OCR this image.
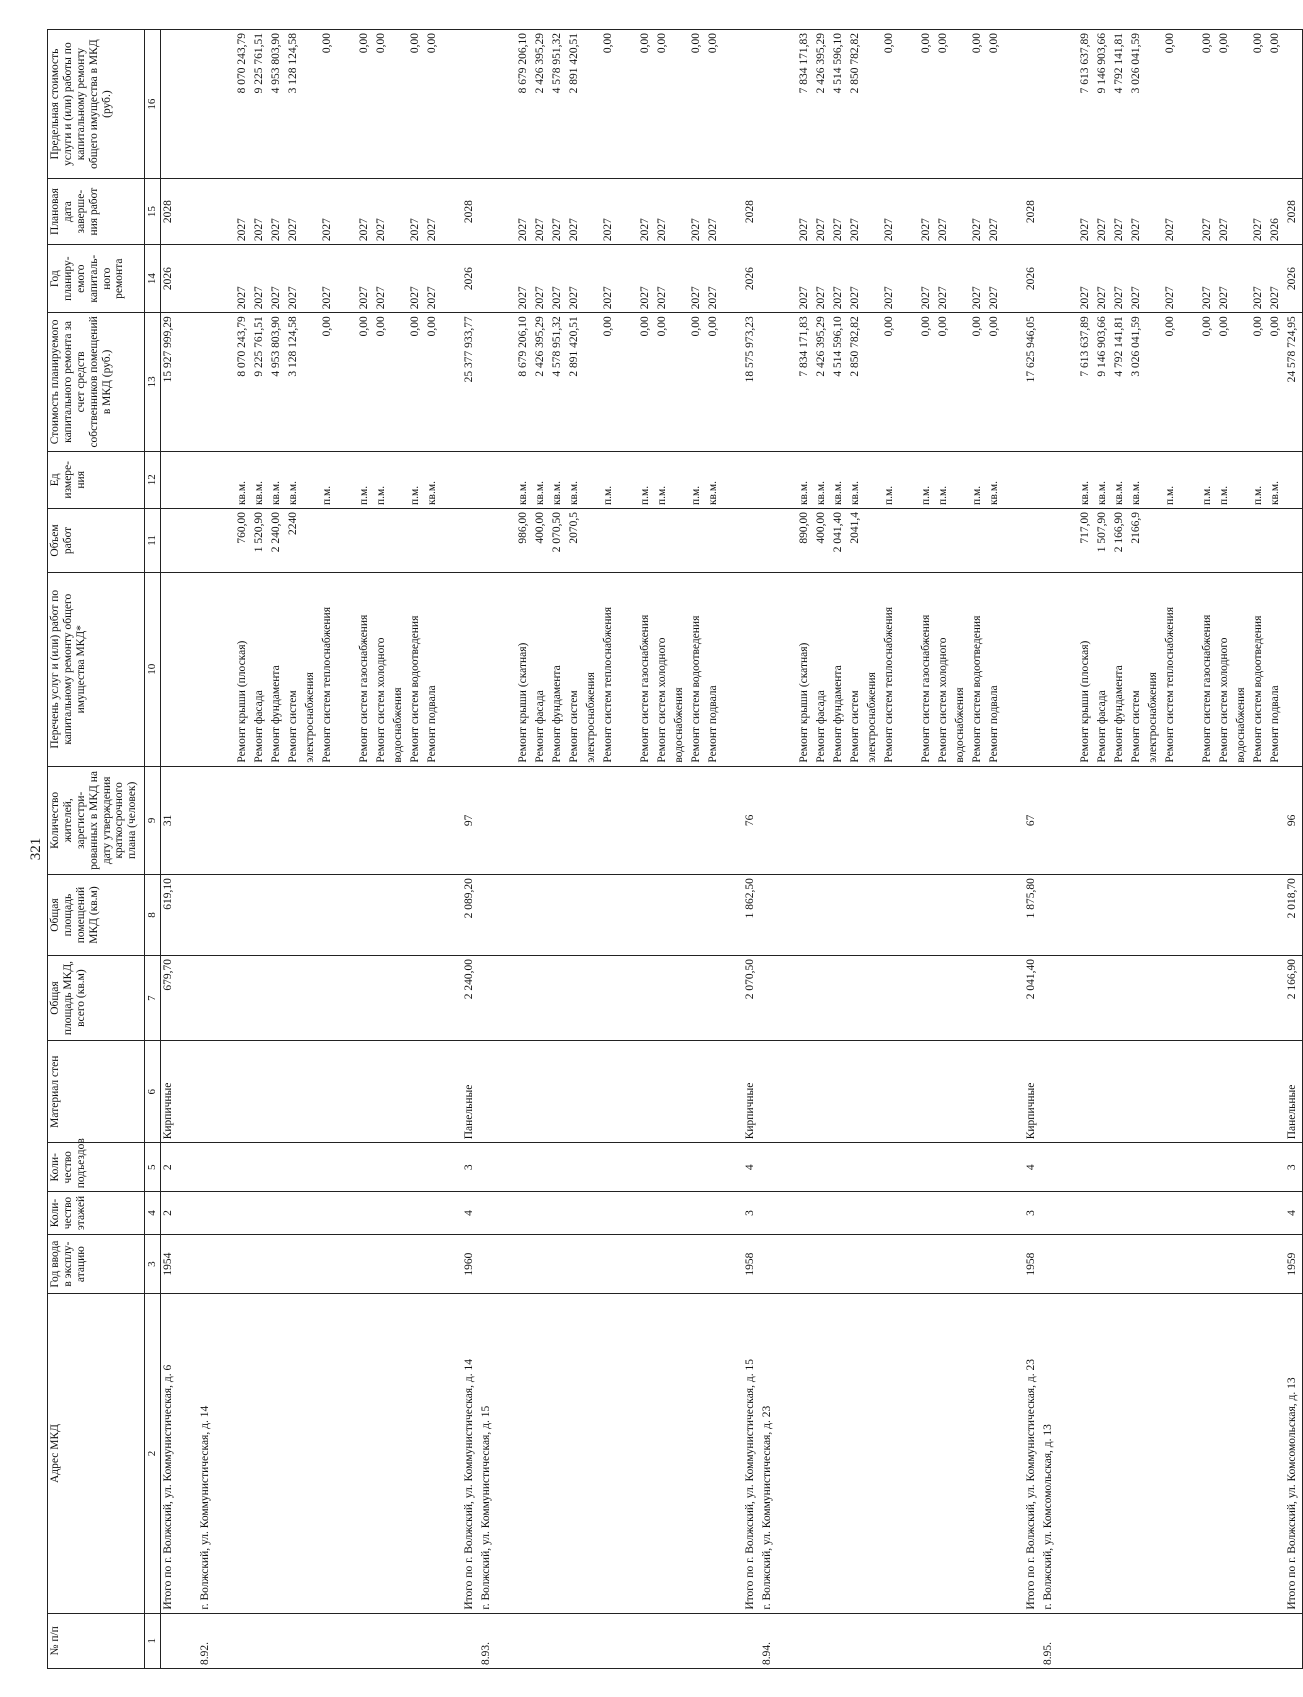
321
№ п/п	Адрес МКД	Год ввода в эксплу-атацию	Коли-чество этажей	Коли-чество подъездов	Материал стен	Общая площадь МКД, всего (кв.м)	Общая площадь помещений МКД (кв.м)	Количество жителей, зарегистри-рованных в МКД на дату утверждения краткосрочного плана (человек)	Перечень услуг и (или) работ по капитальному ремонту общего имущества МКД*	Объем работ	Ед измере-ния	Стоимость планируемого капитального ремонта за счет средств собственников помещений в МКД (руб.)	Год планиру-емого капиталь-ного ремонта	Плановая дата заверше-ния работ	Предельная стоимость услуги и (или) работы по капитальному ремонту общего имущества в МКД (руб.)
1	2	3	4	5	6	7	8	9	10	11	12	13	14	15	16
	Итого по г. Волжский, ул. Коммунистическая, д. 6	1954	2	2	Кирпичные	679,70	619,10	31				15 927 999,29	2026	2028	

8.92.	г. Волжский, ул. Коммунистическая, д. 14														

									Ремонт крыши (плоская)	760,00	кв.м.	8 070 243,79	2027	2027	8 070 243,79
									Ремонт фасада	1 520,90	кв.м.	9 225 761,51	2027	2027	9 225 761,51
									Ремонт фундамента	2 240,00	кв.м.	4 953 803,90	2027	2027	4 953 803,90
									Ремонт систем	2240	кв.м.	3 128 124,58	2027	2027	3 128 124,58
									электроснабжения						
									Ремонт систем теплоснабжения		п.м.	0,00	2027	2027	0,00

									Ремонт систем газоснабжения		п.м.	0,00	2027	2027	0,00
									Ремонт систем холодного		п.м.	0,00	2027	2027	0,00
									водоснабжения						
									Ремонт систем водоотведения		п.м.	0,00	2027	2027	0,00
									Ремонт подвала		кв.м.	0,00	2027	2027	0,00

	Итого по г. Волжский, ул. Коммунистическая, д. 14	1960	4	3	Панельные	2 240,00	2 089,20	97				25 377 933,77	2026	2028	
8.93.	г. Волжский, ул. Коммунистическая, д. 15														

									Ремонт крыши (скатная)	986,00	кв.м.	8 679 206,10	2027	2027	8 679 206,10
									Ремонт фасада	400,00	кв.м.	2 426 395,29	2027	2027	2 426 395,29
									Ремонт фундамента	2 070,50	кв.м.	4 578 951,32	2027	2027	4 578 951,32
									Ремонт систем	2070,5	кв.м.	2 891 420,51	2027	2027	2 891 420,51
									электроснабжения						
									Ремонт систем теплоснабжения		п.м.	0,00	2027	2027	0,00

									Ремонт систем газоснабжения		п.м.	0,00	2027	2027	0,00
									Ремонт систем холодного		п.м.	0,00	2027	2027	0,00
									водоснабжения						
									Ремонт систем водоотведения		п.м.	0,00	2027	2027	0,00
									Ремонт подвала		кв.м.	0,00	2027	2027	0,00

	Итого по г. Волжский, ул. Коммунистическая, д. 15	1958	3	4	Кирпичные	2 070,50	1 862,50	76				18 575 973,23	2026	2028	
8.94.	г. Волжский, ул. Коммунистическая, д. 23														

									Ремонт крыши (скатная)	890,00	кв.м.	7 834 171,83	2027	2027	7 834 171,83
									Ремонт фасада	400,00	кв.м.	2 426 395,29	2027	2027	2 426 395,29
									Ремонт фундамента	2 041,40	кв.м.	4 514 596,10	2027	2027	4 514 596,10
									Ремонт систем	2041,4	кв.м.	2 850 782,82	2027	2027	2 850 782,82
									электроснабжения						
									Ремонт систем теплоснабжения		п.м.	0,00	2027	2027	0,00

									Ремонт систем газоснабжения		п.м.	0,00	2027	2027	0,00
									Ремонт систем холодного		п.м.	0,00	2027	2027	0,00
									водоснабжения						
									Ремонт систем водоотведения		п.м.	0,00	2027	2027	0,00
									Ремонт подвала		кв.м.	0,00	2027	2027	0,00

	Итого по г. Волжский, ул. Коммунистическая, д. 23	1958	3	4	Кирпичные	2 041,40	1 875,80	67				17 625 946,05	2026	2028	
8.95.	г. Волжский, ул. Комсомольская, д. 13														

									Ремонт крыши (плоская)	717,00	кв.м.	7 613 637,89	2027	2027	7 613 637,89
									Ремонт фасада	1 507,90	кв.м.	9 146 903,66	2027	2027	9 146 903,66
									Ремонт фундамента	2 166,90	кв.м.	4 792 141,81	2027	2027	4 792 141,81
									Ремонт систем	2166,9	кв.м.	3 026 041,59	2027	2027	3 026 041,59
									электроснабжения						
									Ремонт систем теплоснабжения		п.м.	0,00	2027	2027	0,00

									Ремонт систем газоснабжения		п.м.	0,00	2027	2027	0,00
									Ремонт систем холодного		п.м.	0,00	2027	2027	0,00
									водоснабжения						
									Ремонт систем водоотведения		п.м.	0,00	2027	2027	0,00
									Ремонт подвала		кв.м.	0,00	2027	2026	0,00
	Итого по г. Волжский, ул. Комсомольская, д. 13	1959	4	3	Панельные	2 166,90	2 018,70	96				24 578 724,95	2026	2028	
